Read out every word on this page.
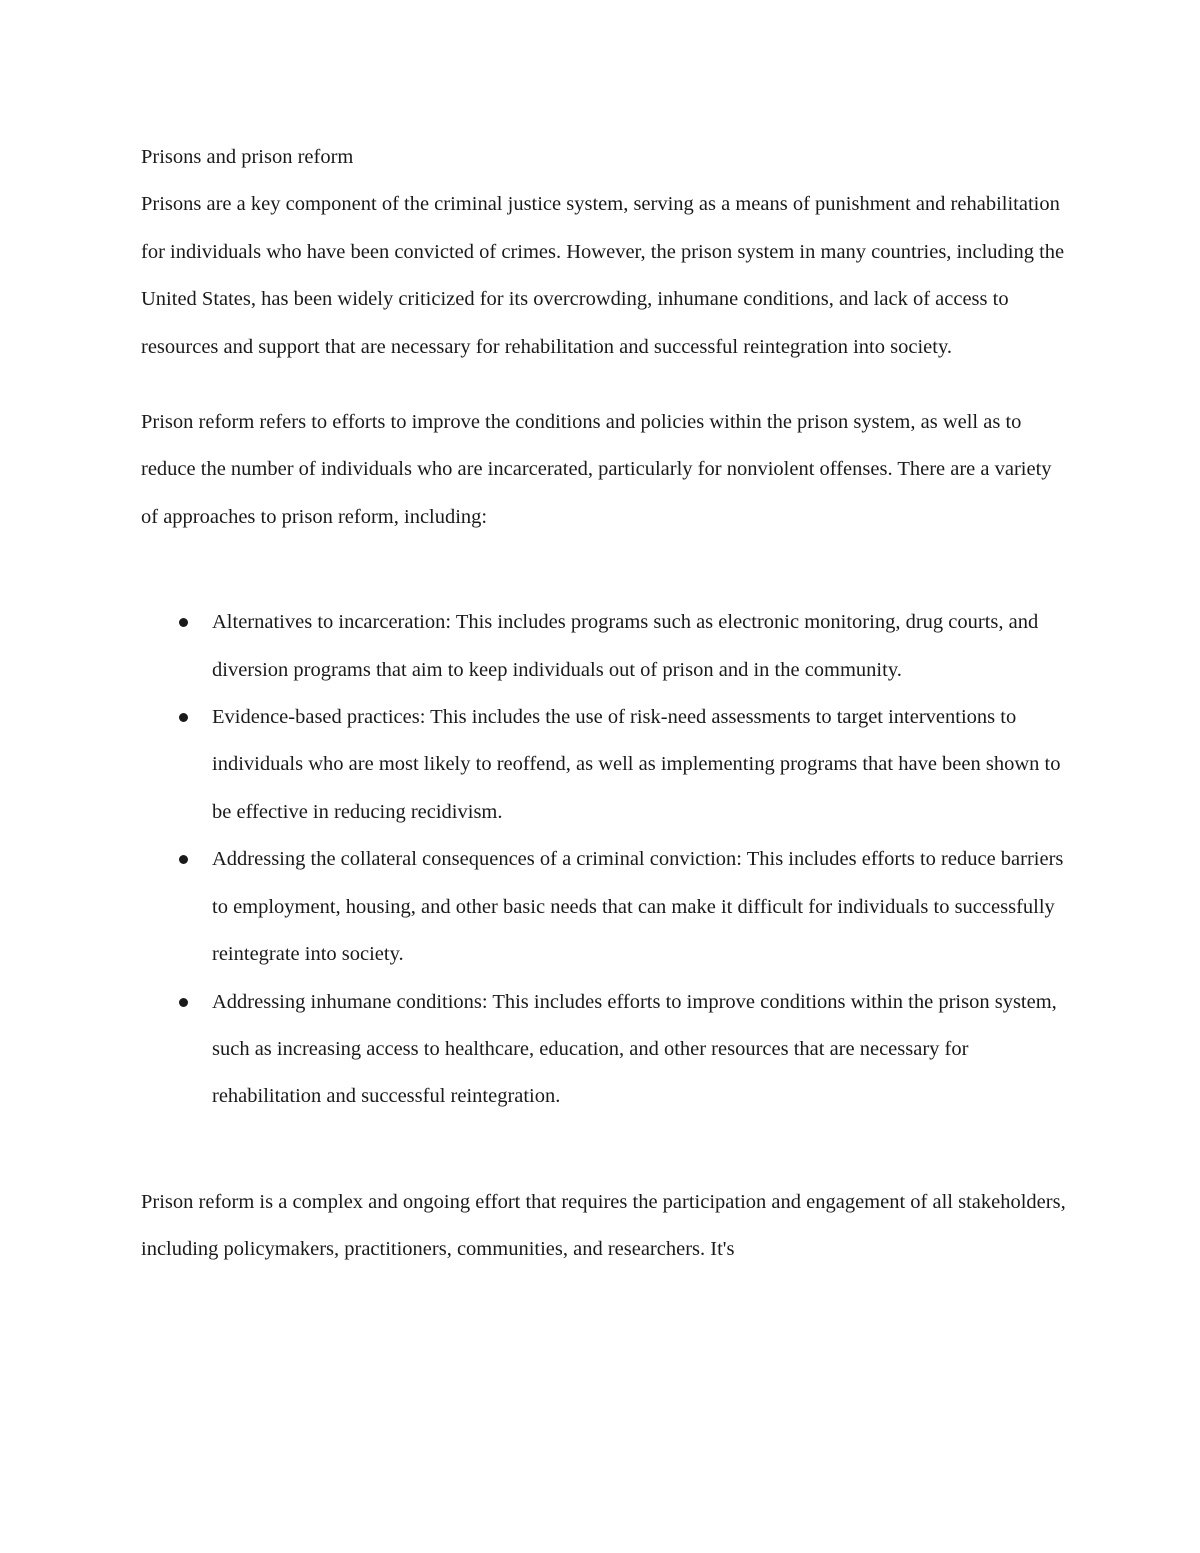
Prisons and prison reform

Prisons are a key component of the criminal justice system, serving as a means of punishment and rehabilitation for individuals who have been convicted of crimes. However, the prison system in many countries, including the United States, has been widely criticized for its overcrowding, inhumane conditions, and lack of access to resources and support that are necessary for rehabilitation and successful reintegration into society.

Prison reform refers to efforts to improve the conditions and policies within the prison system, as well as to reduce the number of individuals who are incarcerated, particularly for nonviolent offenses. There are a variety of approaches to prison reform, including:

Alternatives to incarceration: This includes programs such as electronic monitoring, drug courts, and diversion programs that aim to keep individuals out of prison and in the community.
Evidence-based practices: This includes the use of risk-need assessments to target interventions to individuals who are most likely to reoffend, as well as implementing programs that have been shown to be effective in reducing recidivism.
Addressing the collateral consequences of a criminal conviction: This includes efforts to reduce barriers to employment, housing, and other basic needs that can make it difficult for individuals to successfully reintegrate into society.
Addressing inhumane conditions: This includes efforts to improve conditions within the prison system, such as increasing access to healthcare, education, and other resources that are necessary for rehabilitation and successful reintegration.

Prison reform is a complex and ongoing effort that requires the participation and engagement of all stakeholders, including policymakers, practitioners, communities, and researchers. It's
